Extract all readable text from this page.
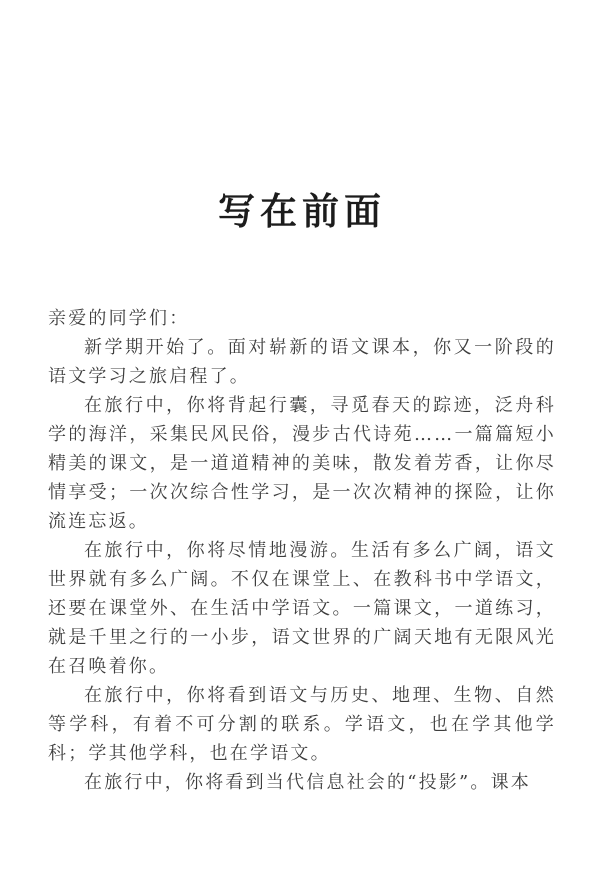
写在前面

亲爱的同学们：

新学期开始了。面对崭新的语文课本，你又一阶段的语文学习之旅启程了。

在旅行中，你将背起行囊，寻觅春天的踪迹，泛舟科学的海洋，采集民风民俗，漫步古代诗苑……一篇篇短小精美的课文，是一道道精神的美味，散发着芳香，让你尽情享受；一次次综合性学习，是一次次精神的探险，让你流连忘返。

在旅行中，你将尽情地漫游。生活有多么广阔，语文世界就有多么广阔。不仅在课堂上、在教科书中学语文，还要在课堂外、在生活中学语文。一篇课文，一道练习，就是千里之行的一小步，语文世界的广阔天地有无限风光在召唤着你。

在旅行中，你将看到语文与历史、地理、生物、自然等学科，有着不可分割的联系。学语文，也在学其他学科；学其他学科，也在学语文。

在旅行中，你将看到当代信息社会的“投影”。课本
